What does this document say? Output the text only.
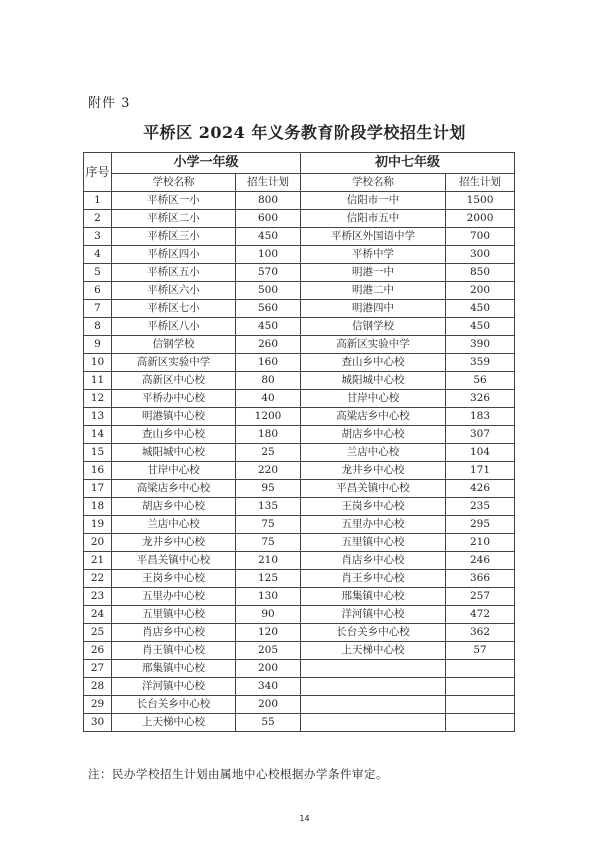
附件 3
平桥区 2024 年义务教育阶段学校招生计划
序号	小学一年级		初中七年级	
	学校名称	招生计划	学校名称	招生计划
1	平桥区一小	800	信阳市一中	1500
2	平桥区二小	600	信阳市五中	2000
3	平桥区三小	450	平桥区外国语中学	700
4	平桥区四小	100	平桥中学	300
5	平桥区五小	570	明港一中	850
6	平桥区六小	500	明港二中	200
7	平桥区七小	560	明港四中	450
8	平桥区八小	450	信钢学校	450
9	信钢学校	260	高新区实验中学	390
10	高新区实验中学	160	查山乡中心校	359
11	高新区中心校	80	城阳城中心校	56
12	平桥办中心校	40	甘岸中心校	326
13	明港镇中心校	1200	高梁店乡中心校	183
14	查山乡中心校	180	胡店乡中心校	307
15	城阳城中心校	25	兰店中心校	104
16	甘岸中心校	220	龙井乡中心校	171
17	高梁店乡中心校	95	平昌关镇中心校	426
18	胡店乡中心校	135	王岗乡中心校	235
19	兰店中心校	75	五里办中心校	295
20	龙井乡中心校	75	五里镇中心校	210
21	平昌关镇中心校	210	肖店乡中心校	246
22	王岗乡中心校	125	肖王乡中心校	366
23	五里办中心校	130	邢集镇中心校	257
24	五里镇中心校	90	洋河镇中心校	472
25	肖店乡中心校	120	长台关乡中心校	362
26	肖王镇中心校	205	上天梯中心校	57
27	邢集镇中心校	200		
28	洋河镇中心校	340		
29	长台关乡中心校	200		
30	上天梯中心校	55		
注：民办学校招生计划由属地中心校根据办学条件审定。
14
